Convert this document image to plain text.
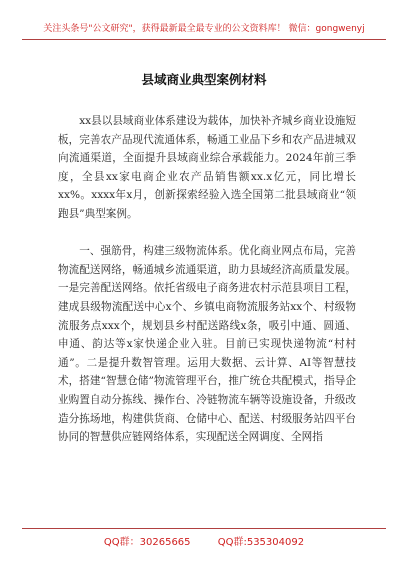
关注头条号"公文研究"，获得最新最全最专业的公文资料库！ 微信：gongwenyj
县域商业典型案例材料

xx县以县域商业体系建设为载体，加快补齐城乡商业设施短板，完善农产品现代流通体系，畅通工业品下乡和农产品进城双向流通渠道，全面提升县域商业综合承载能力。2024年前三季度，全县xx家电商企业农产品销售额xx.x亿元，同比增长xx%。xxxx年x月，创新探索经验入选全国第二批县域商业“领跑县”典型案例。

一、强筋骨，构建三级物流体系。优化商业网点布局，完善物流配送网络，畅通城乡流通渠道，助力县域经济高质量发展。一是完善配送网络。依托省级电子商务进农村示范县项目工程，建成县级物流配送中心x个、乡镇电商物流服务站xx个、村级物流服务点xxx个，规划县乡村配送路线x条，吸引中通、圆通、申通、韵达等x家快递企业入驻。目前已实现快递物流“村村通”。二是提升数智管理。运用大数据、云计算、AI等智慧技术，搭建“智慧仓储”物流管理平台，推广统仓共配模式，指导企业购置自动分拣线、操作台、冷链物流车辆等设施设备，升级改造分拣场地，构建供货商、仓储中心、配送、村级服务站四平台协同的智慧供应链网络体系，实现配送全网调度、全网指

QQ群：30265665	QQ群:535304092
